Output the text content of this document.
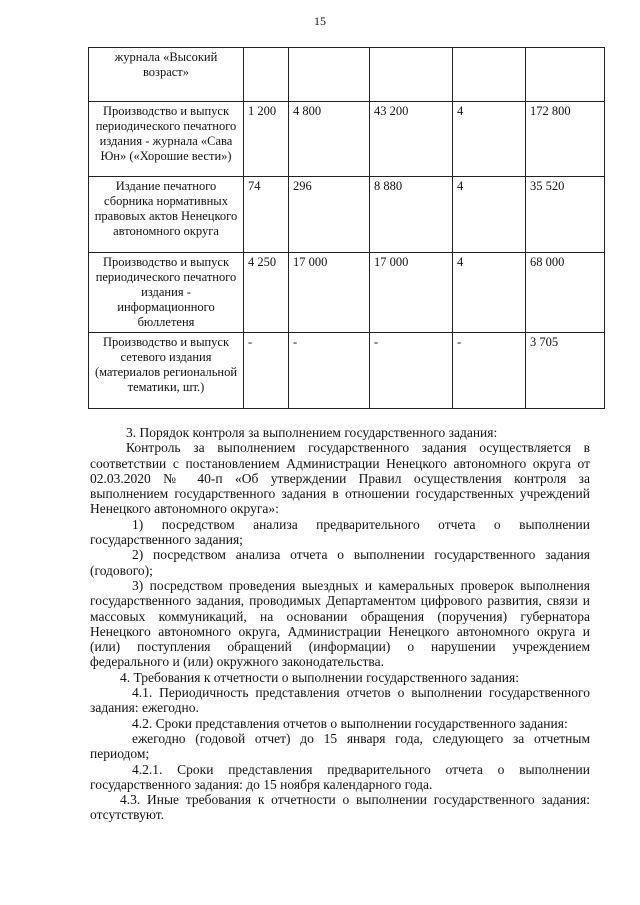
15
журнала «Высокий возраст»					
Производство и выпуск периодического печатного издания - журнала «Сава Юн» («Хорошие вести»)	1 200	4 800	43 200	4	172 800
Издание печатного сборника нормативных правовых актов Ненецкого автономного округа	74	296	8 880	4	35 520
Производство и выпуск периодического печатного издания - информационного бюллетеня	4 250	17 000	17 000	4	68 000
Производство и выпуск сетевого издания (материалов региональной тематики, шт.)	-	-	-	-	3 705

3. Порядок контроля за выполнением государственного задания:

Контроль за выполнением государственного задания осуществляется в соответствии с постановлением Администрации Ненецкого автономного округа от 02.03.2020 № 40-п «Об утверждении Правил осуществления контроля за выполнением государственного задания в отношении государственных учреждений Ненецкого автономного округа»:

1) посредством анализа предварительного отчета о выполнении государственного задания;

2) посредством анализа отчета о выполнении государственного задания (годового);

3) посредством проведения выездных и камеральных проверок выполнения государственного задания, проводимых Департаментом цифрового развития, связи и массовых коммуникаций, на основании обращения (поручения) губернатора Ненецкого автономного округа, Администрации Ненецкого автономного округа и (или) поступления обращений (информации) о нарушении учреждением федерального и (или) окружного законодательства.

4. Требования к отчетности о выполнении государственного задания:

4.1. Периодичность представления отчетов о выполнении государственного задания: ежегодно.

4.2. Сроки представления отчетов о выполнении государственного задания:

ежегодно (годовой отчет) до 15 января года, следующего за отчетным периодом;

4.2.1. Сроки представления предварительного отчета о выполнении государственного задания: до 15 ноября календарного года.

4.3. Иные требования к отчетности о выполнении государственного задания: отсутствуют.
